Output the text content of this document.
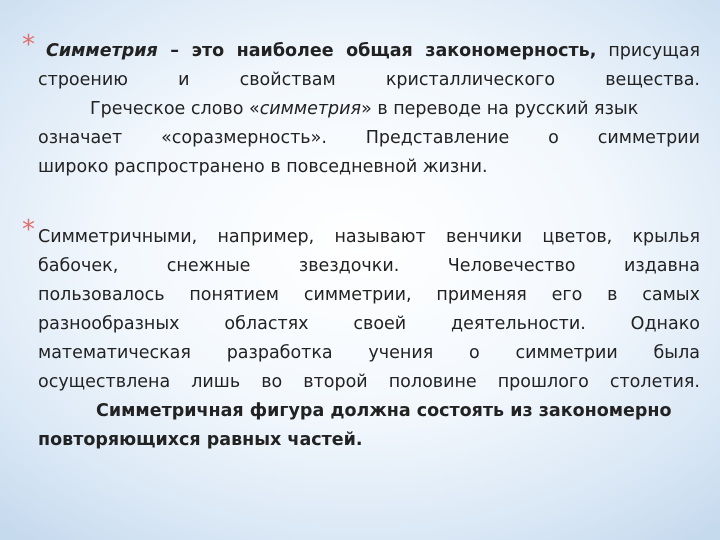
* Симметрия – это наиболее общая закономерность, присущая
строению и свойствам кристаллического вещества.
Греческое слово «симметрия» в переводе на русский язык
означает «соразмерность». Представление о симметрии
широко распространено в повседневной жизни.
* Симметричными, например, называют венчики цветов, крылья
бабочек, снежные звездочки. Человечество издавна
пользовалось понятием симметрии, применяя его в самых
разнообразных областях своей деятельности. Однако
математическая разработка учения о симметрии была
осуществлена лишь во второй половине прошлого столетия.
Симметричная фигура должна состоять из закономерно
повторяющихся равных частей.
